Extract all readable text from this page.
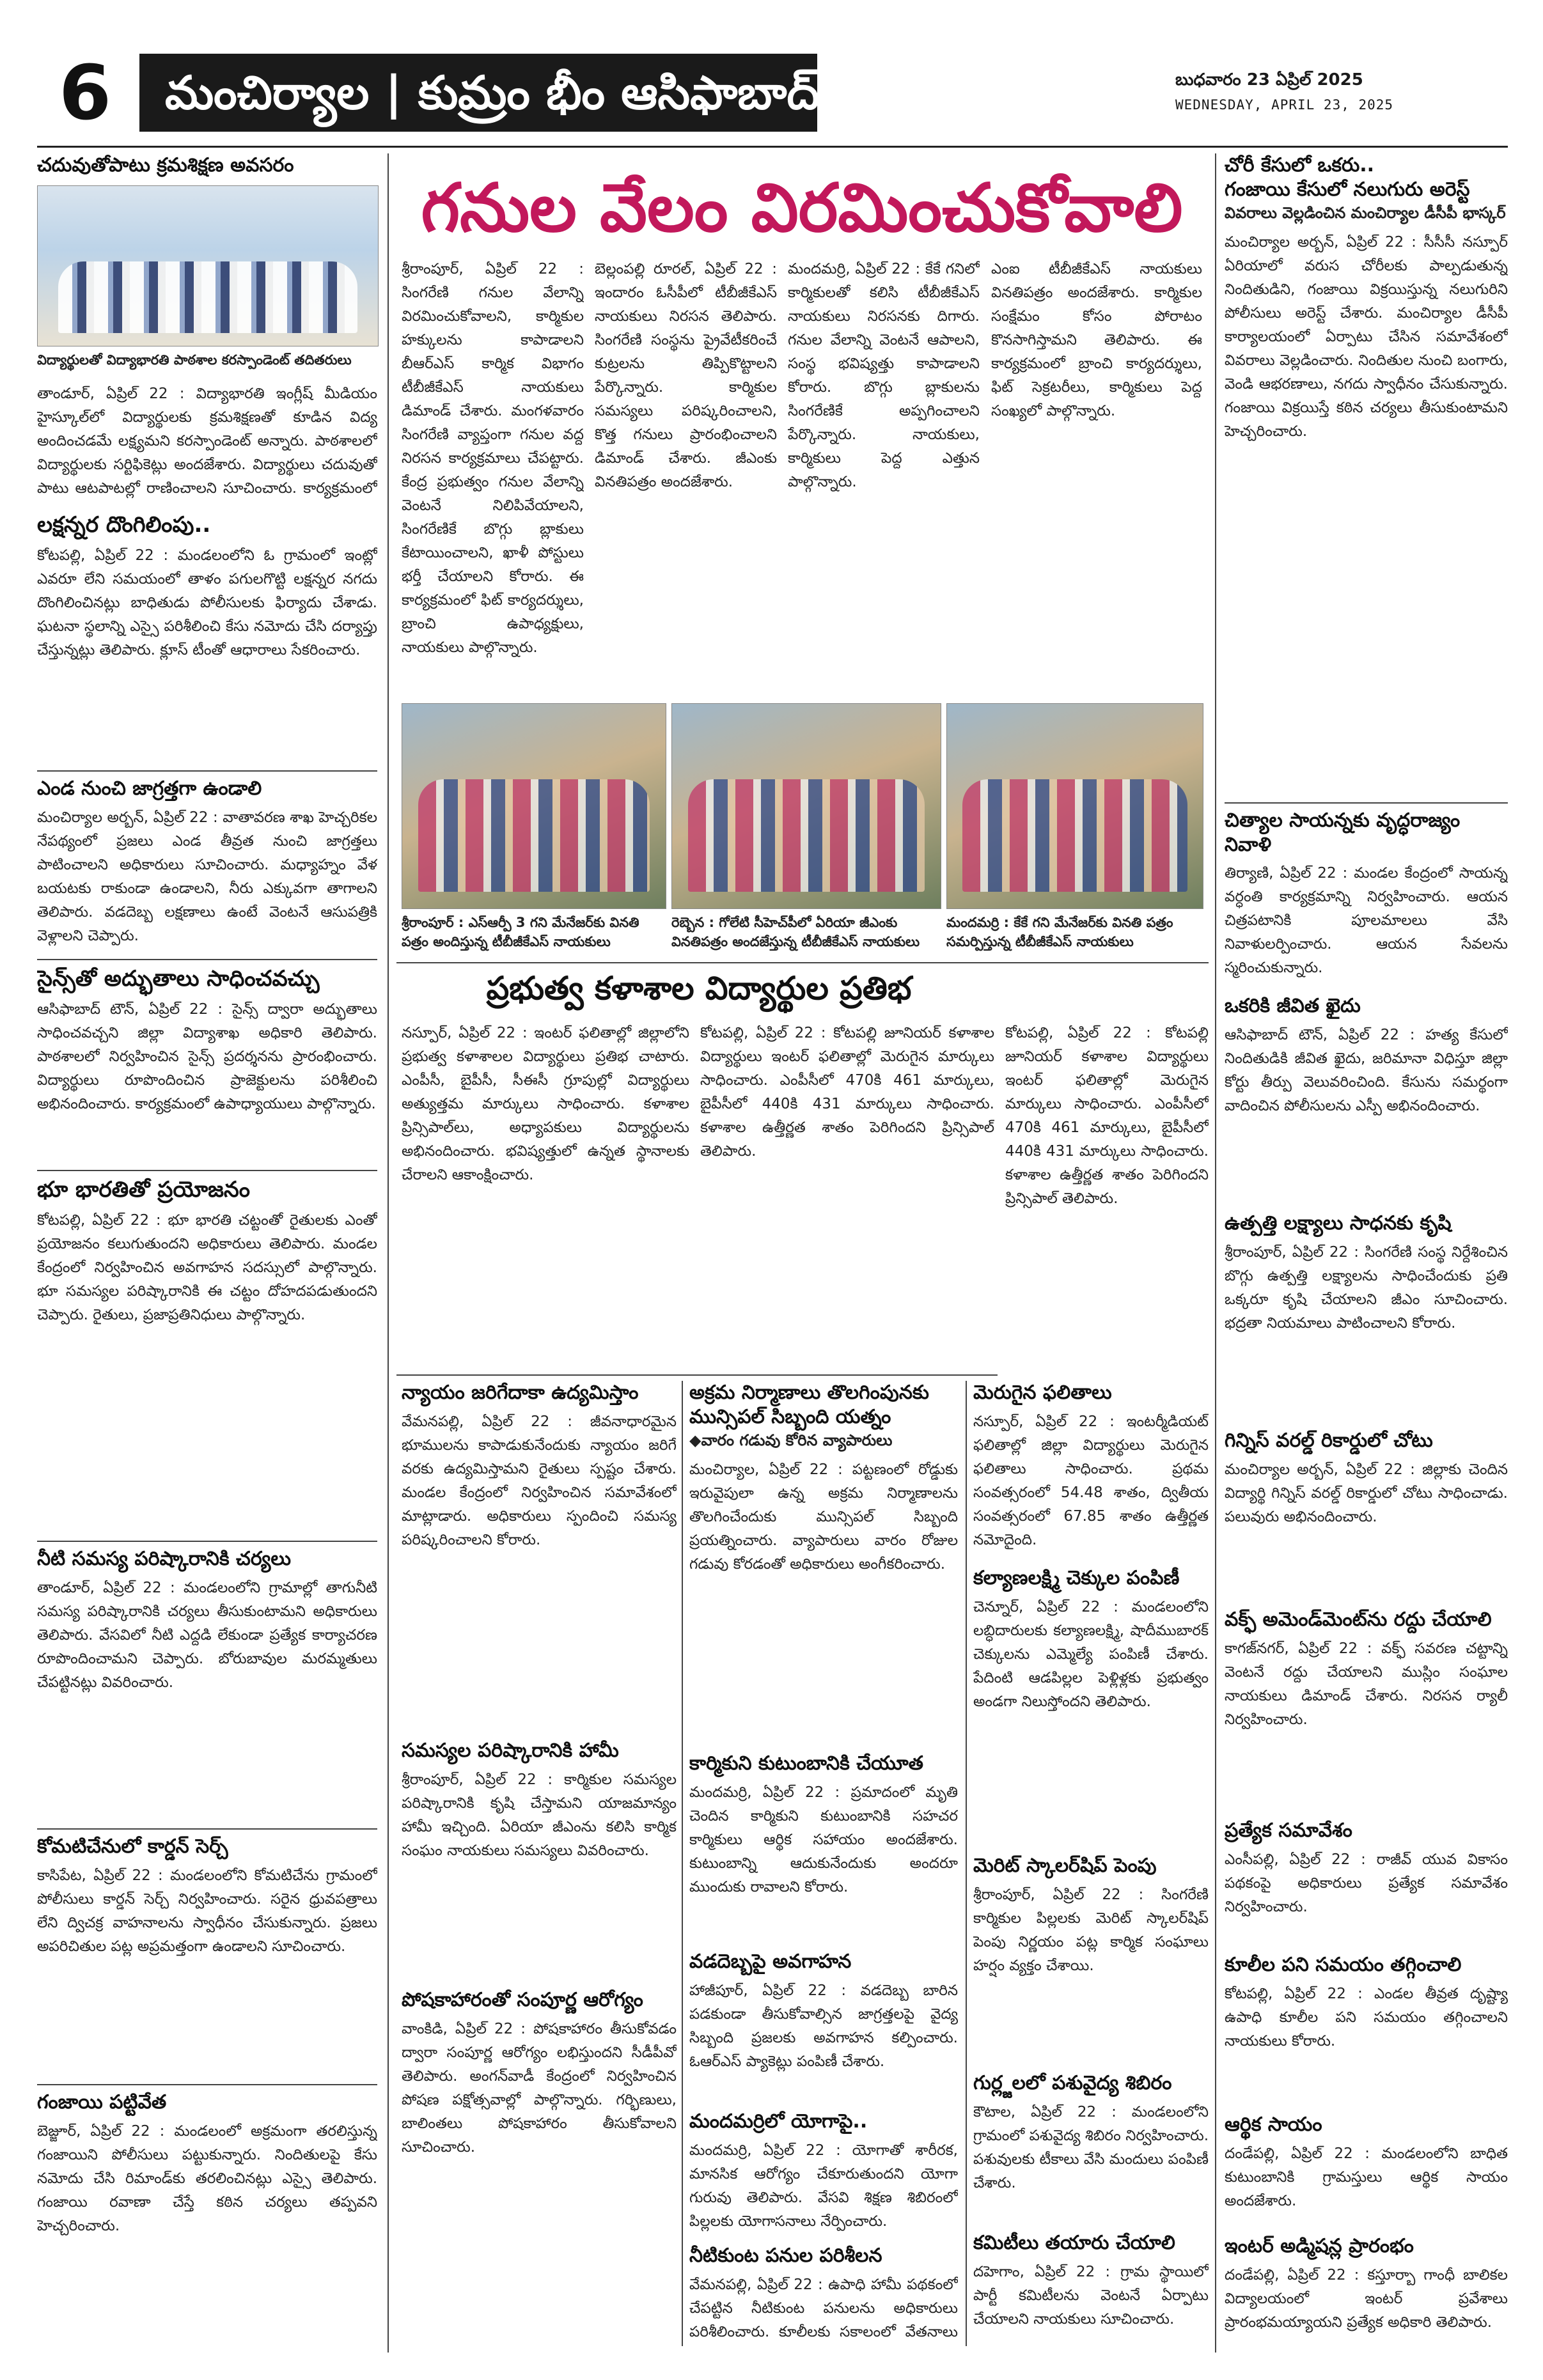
6	మంచిర్యాల | కుమ్రం భీం ఆసిఫాబాద్	బుధవారం 23 ఏప్రిల్ 2025
WEDNESDAY, APRIL 23, 2025
చదువుతోపాటు క్రమశిక్షణ అవసరం
విద్యార్థులతో విద్యాభారతి పాఠశాల కరస్పాండెంట్ తదితరులు
తాండూర్, ఏప్రిల్ 22 : విద్యాభారతి ఇంగ్లీష్ మీడియం హైస్కూల్‌లో విద్యార్థులకు క్రమశిక్షణతో కూడిన విద్య అందించడమే లక్ష్యమని కరస్పాండెంట్ అన్నారు. పాఠశాలలో విద్యార్థులకు సర్టిఫికెట్లు అందజేశారు. విద్యార్థులు చదువుతో పాటు ఆటపాటల్లో రాణించాలని సూచించారు. కార్యక్రమంలో
లక్షన్నర దొంగిలింపు..
కోటపల్లి, ఏప్రిల్ 22 : మండలంలోని ఓ గ్రామంలో ఇంట్లో ఎవరూ లేని సమయంలో తాళం పగులగొట్టి లక్షన్నర నగదు దొంగిలించినట్లు బాధితుడు పోలీసులకు ఫిర్యాదు చేశాడు. ఘటనా స్థలాన్ని ఎస్సై పరిశీలించి కేసు నమోదు చేసి దర్యాప్తు చేస్తున్నట్లు తెలిపారు. క్లూస్ టీంతో ఆధారాలు సేకరించారు.
ఎండ నుంచి జాగ్రత్తగా ఉండాలి
మంచిర్యాల అర్బన్, ఏప్రిల్ 22 : వాతావరణ శాఖ హెచ్చరికల నేపథ్యంలో ప్రజలు ఎండ తీవ్రత నుంచి జాగ్రత్తలు పాటించాలని అధికారులు సూచించారు. మధ్యాహ్నం వేళ బయటకు రాకుండా ఉండాలని, నీరు ఎక్కువగా తాగాలని తెలిపారు. వడదెబ్బ లక్షణాలు ఉంటే వెంటనే ఆసుపత్రికి వెళ్లాలని చెప్పారు.
సైన్స్‌తో అద్భుతాలు సాధించవచ్చు
ఆసిఫాబాద్ టౌన్, ఏప్రిల్ 22 : సైన్స్ ద్వారా అద్భుతాలు సాధించవచ్చని జిల్లా విద్యాశాఖ అధికారి తెలిపారు. పాఠశాలలో నిర్వహించిన సైన్స్ ప్రదర్శనను ప్రారంభించారు. విద్యార్థులు రూపొందించిన ప్రాజెక్టులను పరిశీలించి అభినందించారు. కార్యక్రమంలో ఉపాధ్యాయులు పాల్గొన్నారు.
భూ భారతితో ప్రయోజనం
కోటపల్లి, ఏప్రిల్ 22 : భూ భారతి చట్టంతో రైతులకు ఎంతో ప్రయోజనం కలుగుతుందని అధికారులు తెలిపారు. మండల కేంద్రంలో నిర్వహించిన అవగాహన సదస్సులో పాల్గొన్నారు. భూ సమస్యల పరిష్కారానికి ఈ చట్టం దోహదపడుతుందని చెప్పారు. రైతులు, ప్రజాప్రతినిధులు పాల్గొన్నారు.
నీటి సమస్య పరిష్కారానికి చర్యలు
తాండూర్, ఏప్రిల్ 22 : మండలంలోని గ్రామాల్లో తాగునీటి సమస్య పరిష్కారానికి చర్యలు తీసుకుంటామని అధికారులు తెలిపారు. వేసవిలో నీటి ఎద్దడి లేకుండా ప్రత్యేక కార్యాచరణ రూపొందించామని చెప్పారు. బోరుబావుల మరమ్మతులు చేపట్టినట్లు వివరించారు.
కోమటిచేనులో కార్డన్ సెర్చ్
కాసిపేట, ఏప్రిల్ 22 : మండలంలోని కోమటిచేను గ్రామంలో పోలీసులు కార్డన్ సెర్చ్ నిర్వహించారు. సరైన ధ్రువపత్రాలు లేని ద్విచక్ర వాహనాలను స్వాధీనం చేసుకున్నారు. ప్రజలు అపరిచితుల పట్ల అప్రమత్తంగా ఉండాలని సూచించారు.
గంజాయి పట్టివేత
బెజ్జూర్, ఏప్రిల్ 22 : మండలంలో అక్రమంగా తరలిస్తున్న గంజాయిని పోలీసులు పట్టుకున్నారు. నిందితులపై కేసు నమోదు చేసి రిమాండ్‌కు తరలించినట్లు ఎస్సై తెలిపారు. గంజాయి రవాణా చేస్తే కఠిన చర్యలు తప్పవని హెచ్చరించారు.
గనుల వేలం విరమించుకోవాలి
శ్రీరాంపూర్, ఏప్రిల్ 22 : సింగరేణి గనుల వేలాన్ని విరమించుకోవాలని, కార్మికుల హక్కులను కాపాడాలని బీఆర్ఎస్ కార్మిక విభాగం టీబీజీకేఎస్ నాయకులు డిమాండ్ చేశారు. మంగళవారం సింగరేణి వ్యాప్తంగా గనుల వద్ద నిరసన కార్యక్రమాలు చేపట్టారు. కేంద్ర ప్రభుత్వం గనుల వేలాన్ని వెంటనే నిలిపివేయాలని, సింగరేణికే బొగ్గు బ్లాకులు కేటాయించాలని, ఖాళీ పోస్టులు భర్తీ చేయాలని కోరారు. ఈ కార్యక్రమంలో ఫిట్ కార్యదర్శులు, బ్రాంచి ఉపాధ్యక్షులు, నాయకులు పాల్గొన్నారు.
బెల్లంపల్లి రూరల్, ఏప్రిల్ 22 : ఇందారం ఓసీపీలో టీబీజీకేఎస్ నాయకులు నిరసన తెలిపారు. సింగరేణి సంస్థను ప్రైవేటీకరించే కుట్రలను తిప్పికొట్టాలని పేర్కొన్నారు. కార్మికుల సమస్యలు పరిష్కరించాలని, కొత్త గనులు ప్రారంభించాలని డిమాండ్ చేశారు. జీఎంకు వినతిపత్రం అందజేశారు.
మందమర్రి, ఏప్రిల్ 22 : కేకే గనిలో కార్మికులతో కలిసి టీబీజీకేఎస్ నాయకులు నిరసనకు దిగారు. గనుల వేలాన్ని వెంటనే ఆపాలని, సంస్థ భవిష్యత్తు కాపాడాలని కోరారు. బొగ్గు బ్లాకులను సింగరేణికే అప్పగించాలని పేర్కొన్నారు. నాయకులు, కార్మికులు పెద్ద ఎత్తున పాల్గొన్నారు.
ఎంఐ టీబీజీకేఎస్ నాయకులు వినతిపత్రం అందజేశారు. కార్మికుల సంక్షేమం కోసం పోరాటం కొనసాగిస్తామని తెలిపారు. ఈ కార్యక్రమంలో బ్రాంచి కార్యదర్శులు, ఫిట్ సెక్రటరీలు, కార్మికులు పెద్ద సంఖ్యలో పాల్గొన్నారు.
శ్రీరాంపూర్ : ఎస్ఆర్పీ 3 గని మేనేజర్‌కు వినతి పత్రం అందిస్తున్న టీబీజీకేఎస్ నాయకులు
రెబ్బెన : గోలేటి సీహెచ్‌పీలో ఏరియా జీఎంకు వినతిపత్రం అందజేస్తున్న టీబీజీకేఎస్ నాయకులు
మందమర్రి : కేకే గని మేనేజర్‌కు వినతి పత్రం సమర్పిస్తున్న టీబీజీకేఎస్ నాయకులు
ప్రభుత్వ కళాశాల విద్యార్థుల ప్రతిభ
నస్పూర్, ఏప్రిల్ 22 : ఇంటర్ ఫలితాల్లో జిల్లాలోని ప్రభుత్వ కళాశాలల విద్యార్థులు ప్రతిభ చాటారు. ఎంపీసీ, బైపీసీ, సీఈసీ గ్రూపుల్లో విద్యార్థులు అత్యుత్తమ మార్కులు సాధించారు. కళాశాల ప్రిన్సిపాల్‌లు, అధ్యాపకులు విద్యార్థులను అభినందించారు. భవిష్యత్తులో ఉన్నత స్థానాలకు చేరాలని ఆకాంక్షించారు.
కోటపల్లి, ఏప్రిల్ 22 : కోటపల్లి జూనియర్ కళాశాల విద్యార్థులు ఇంటర్ ఫలితాల్లో మెరుగైన మార్కులు సాధించారు. ఎంపీసీలో 470కి 461 మార్కులు, బైపీసీలో 440కి 431 మార్కులు సాధించారు. కళాశాల ఉత్తీర్ణత శాతం పెరిగిందని ప్రిన్సిపాల్ తెలిపారు.
న్యాయం జరిగేదాకా ఉద్యమిస్తాం
వేమనపల్లి, ఏప్రిల్ 22 : జీవనాధారమైన భూములను కాపాడుకునేందుకు న్యాయం జరిగే వరకు ఉద్యమిస్తామని రైతులు స్పష్టం చేశారు. మండల కేంద్రంలో నిర్వహించిన సమావేశంలో మాట్లాడారు. అధికారులు స్పందించి సమస్య పరిష్కరించాలని కోరారు.
సమస్యల పరిష్కారానికి హామీ
శ్రీరాంపూర్, ఏప్రిల్ 22 : కార్మికుల సమస్యల పరిష్కారానికి కృషి చేస్తామని యాజమాన్యం హామీ ఇచ్చింది. ఏరియా జీఎంను కలిసి కార్మిక సంఘం నాయకులు సమస్యలు వివరించారు.
పోషకాహారంతో సంపూర్ణ ఆరోగ్యం
వాంకిడి, ఏప్రిల్ 22 : పోషకాహారం తీసుకోవడం ద్వారా సంపూర్ణ ఆరోగ్యం లభిస్తుందని సీడీపీవో తెలిపారు. అంగన్‌వాడీ కేంద్రంలో నిర్వహించిన పోషణ పక్షోత్సవాల్లో పాల్గొన్నారు. గర్భిణులు, బాలింతలు పోషకాహారం తీసుకోవాలని సూచించారు.
అక్రమ నిర్మాణాలు తొలగింపునకు మున్సిపల్ సిబ్బంది యత్నం
◆ వారం గడువు కోరిన వ్యాపారులు
మంచిర్యాల, ఏప్రిల్ 22 : పట్టణంలో రోడ్డుకు ఇరువైపులా ఉన్న అక్రమ నిర్మాణాలను తొలగించేందుకు మున్సిపల్ సిబ్బంది ప్రయత్నించారు. వ్యాపారులు వారం రోజుల గడువు కోరడంతో అధికారులు అంగీకరించారు.
కార్మికుని కుటుంబానికి చేయూత
మందమర్రి, ఏప్రిల్ 22 : ప్రమాదంలో మృతి చెందిన కార్మికుని కుటుంబానికి సహచర కార్మికులు ఆర్థిక సహాయం అందజేశారు. కుటుంబాన్ని ఆదుకునేందుకు అందరూ ముందుకు రావాలని కోరారు.
వడదెబ్బపై అవగాహన
హాజీపూర్, ఏప్రిల్ 22 : వడదెబ్బ బారిన పడకుండా తీసుకోవాల్సిన జాగ్రత్తలపై వైద్య సిబ్బంది ప్రజలకు అవగాహన కల్పించారు. ఓఆర్ఎస్ ప్యాకెట్లు పంపిణీ చేశారు.
మందమర్రిలో యోగాపై..
మందమర్రి, ఏప్రిల్ 22 : యోగాతో శారీరక, మానసిక ఆరోగ్యం చేకూరుతుందని యోగా గురువు తెలిపారు. వేసవి శిక్షణ శిబిరంలో పిల్లలకు యోగాసనాలు నేర్పించారు.
నీటికుంట పనుల పరిశీలన
వేమనపల్లి, ఏప్రిల్ 22 : ఉపాధి హామీ పథకంలో చేపట్టిన నీటికుంట పనులను అధికారులు పరిశీలించారు. కూలీలకు సకాలంలో వేతనాలు
కోటపల్లి, ఏప్రిల్ 22 : కోటపల్లి జూనియర్ కళాశాల విద్యార్థులు ఇంటర్ ఫలితాల్లో మెరుగైన మార్కులు సాధించారు. ఎంపీసీలో 470కి 461 మార్కులు, బైపీసీలో 440కి 431 మార్కులు సాధించారు. కళాశాల ఉత్తీర్ణత శాతం పెరిగిందని ప్రిన్సిపాల్ తెలిపారు.
మెరుగైన ఫలితాలు
నస్పూర్, ఏప్రిల్ 22 : ఇంటర్మీడియట్ ఫలితాల్లో జిల్లా విద్యార్థులు మెరుగైన ఫలితాలు సాధించారు. ప్రథమ సంవత్సరంలో 54.48 శాతం, ద్వితీయ సంవత్సరంలో 67.85 శాతం ఉత్తీర్ణత నమోదైంది.
కల్యాణలక్ష్మి చెక్కుల పంపిణీ
చెన్నూర్, ఏప్రిల్ 22 : మండలంలోని లబ్ధిదారులకు కల్యాణలక్ష్మి, షాదీముబారక్ చెక్కులను ఎమ్మెల్యే పంపిణీ చేశారు. పేదింటి ఆడపిల్లల పెళ్లిళ్లకు ప్రభుత్వం అండగా నిలుస్తోందని తెలిపారు.
మెరిట్ స్కాలర్‌షిప్ పెంపు
శ్రీరాంపూర్, ఏప్రిల్ 22 : సింగరేణి కార్మికుల పిల్లలకు మెరిట్ స్కాలర్‌షిప్ పెంపు నిర్ణయం పట్ల కార్మిక సంఘాలు హర్షం వ్యక్తం చేశాయి.
గుర్ల్జలలో పశువైద్య శిబిరం
కౌటాల, ఏప్రిల్ 22 : మండలంలోని గ్రామంలో పశువైద్య శిబిరం నిర్వహించారు. పశువులకు టీకాలు వేసి మందులు పంపిణీ చేశారు.
కమిటీలు తయారు చేయాలి
దహెగాం, ఏప్రిల్ 22 : గ్రామ స్థాయిలో పార్టీ కమిటీలను వెంటనే ఏర్పాటు చేయాలని నాయకులు సూచించారు.
చోరీ కేసులో ఒకరు..
గంజాయి కేసులో నలుగురు అరెస్ట్
వివరాలు వెల్లడించిన మంచిర్యాల డీసీపీ భాస్కర్
మంచిర్యాల అర్బన్, ఏప్రిల్ 22 : సీసీసీ నస్పూర్ ఏరియాలో వరుస చోరీలకు పాల్పడుతున్న నిందితుడిని, గంజాయి విక్రయిస్తున్న నలుగురిని పోలీసులు అరెస్ట్ చేశారు. మంచిర్యాల డీసీపీ కార్యాలయంలో ఏర్పాటు చేసిన సమావేశంలో వివరాలు వెల్లడించారు. నిందితుల నుంచి బంగారు, వెండి ఆభరణాలు, నగదు స్వాధీనం చేసుకున్నారు. గంజాయి విక్రయిస్తే కఠిన చర్యలు తీసుకుంటామని హెచ్చరించారు.
చిత్యాల సాయన్నకు వృద్ధరాజ్యం నివాళి
తిర్యాణి, ఏప్రిల్ 22 : మండల కేంద్రంలో సాయన్న వర్ధంతి కార్యక్రమాన్ని నిర్వహించారు. ఆయన చిత్రపటానికి పూలమాలలు వేసి నివాళులర్పించారు. ఆయన సేవలను స్మరించుకున్నారు.
ఒకరికి జీవిత ఖైదు
ఆసిఫాబాద్ టౌన్, ఏప్రిల్ 22 : హత్య కేసులో నిందితుడికి జీవిత ఖైదు, జరిమానా విధిస్తూ జిల్లా కోర్టు తీర్పు వెలువరించింది. కేసును సమర్థంగా వాదించిన పోలీసులను ఎస్పీ అభినందించారు.
ఉత్పత్తి లక్ష్యాలు సాధనకు కృషి
శ్రీరాంపూర్, ఏప్రిల్ 22 : సింగరేణి సంస్థ నిర్దేశించిన బొగ్గు ఉత్పత్తి లక్ష్యాలను సాధించేందుకు ప్రతి ఒక్కరూ కృషి చేయాలని జీఎం సూచించారు. భద్రతా నియమాలు పాటించాలని కోరారు.
గిన్నిస్ వరల్డ్ రికార్డులో చోటు
మంచిర్యాల అర్బన్, ఏప్రిల్ 22 : జిల్లాకు చెందిన విద్యార్థి గిన్నిస్ వరల్డ్ రికార్డులో చోటు సాధించాడు. పలువురు అభినందించారు.
వక్ఫ్ అమెండ్‌మెంట్‌ను రద్దు చేయాలి
కాగజ్‌నగర్, ఏప్రిల్ 22 : వక్ఫ్ సవరణ చట్టాన్ని వెంటనే రద్దు చేయాలని ముస్లిం సంఘాల నాయకులు డిమాండ్ చేశారు. నిరసన ర్యాలీ నిర్వహించారు.
ప్రత్యేక సమావేశం
ఎంసీపల్లి, ఏప్రిల్ 22 : రాజీవ్ యువ వికాసం పథకంపై అధికారులు ప్రత్యేక సమావేశం నిర్వహించారు.
కూలీల పని సమయం తగ్గించాలి
కోటపల్లి, ఏప్రిల్ 22 : ఎండల తీవ్రత దృష్ట్యా ఉపాధి కూలీల పని సమయం తగ్గించాలని నాయకులు కోరారు.
ఆర్థిక సాయం
దండేపల్లి, ఏప్రిల్ 22 : మండలంలోని బాధిత కుటుంబానికి గ్రామస్తులు ఆర్థిక సాయం అందజేశారు.
ఇంటర్ అడ్మిషన్ల ప్రారంభం
దండేపల్లి, ఏప్రిల్ 22 : కస్తూర్బా గాంధీ బాలికల విద్యాలయంలో ఇంటర్ ప్రవేశాలు ప్రారంభమయ్యాయని ప్రత్యేక అధికారి తెలిపారు.
